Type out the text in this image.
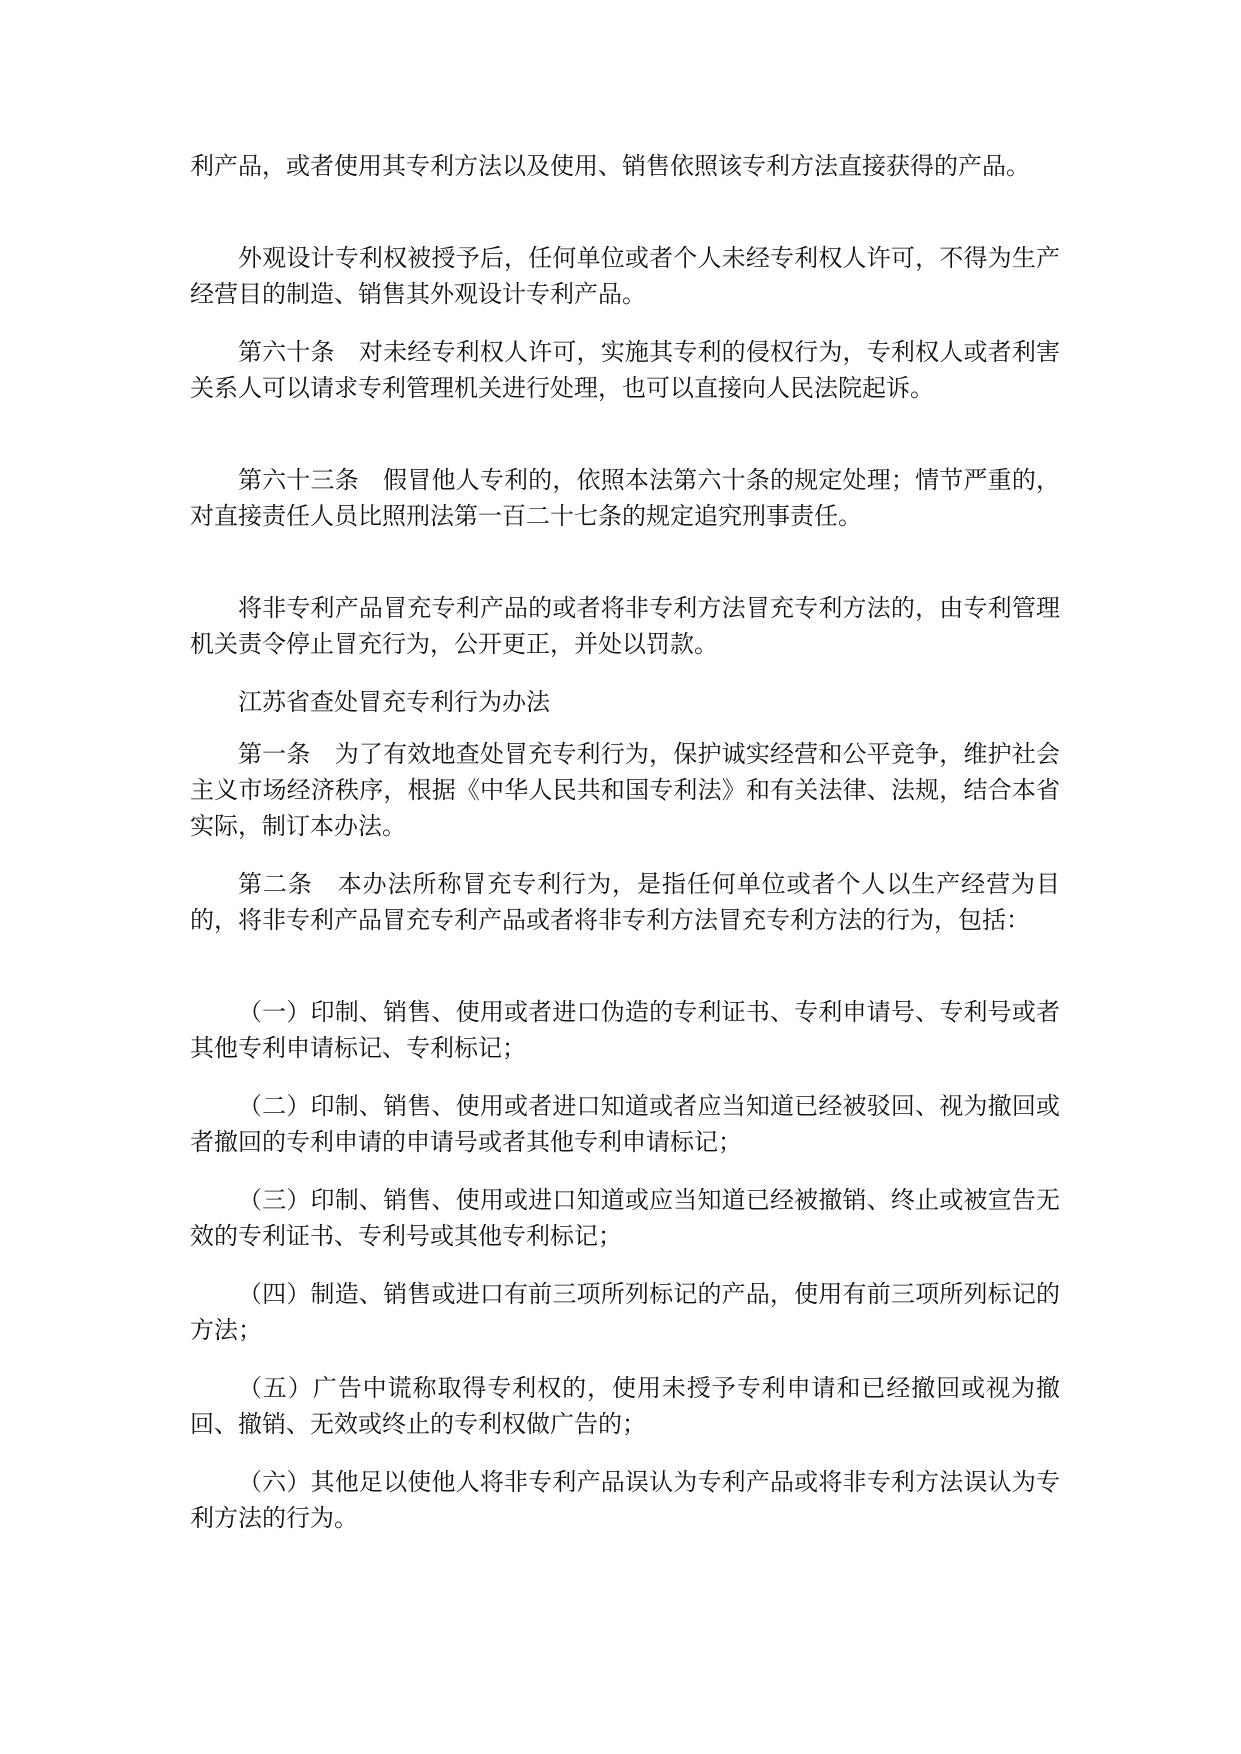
利产品，或者使用其专利方法以及使用、销售依照该专利方法直接获得的产品。

外观设计专利权被授予后，任何单位或者个人未经专利权人许可，不得为生产经营目的制造、销售其外观设计专利产品。

第六十条　对未经专利权人许可，实施其专利的侵权行为，专利权人或者利害关系人可以请求专利管理机关进行处理，也可以直接向人民法院起诉。

第六十三条　假冒他人专利的，依照本法第六十条的规定处理；情节严重的，对直接责任人员比照刑法第一百二十七条的规定追究刑事责任。

将非专利产品冒充专利产品的或者将非专利方法冒充专利方法的，由专利管理机关责令停止冒充行为，公开更正，并处以罚款。

江苏省查处冒充专利行为办法

第一条　为了有效地查处冒充专利行为，保护诚实经营和公平竞争，维护社会主义市场经济秩序，根据《中华人民共和国专利法》和有关法律、法规，结合本省实际，制订本办法。

第二条　本办法所称冒充专利行为，是指任何单位或者个人以生产经营为目的，将非专利产品冒充专利产品或者将非专利方法冒充专利方法的行为，包括：

（一）印制、销售、使用或者进口伪造的专利证书、专利申请号、专利号或者其他专利申请标记、专利标记；

（二）印制、销售、使用或者进口知道或者应当知道已经被驳回、视为撤回或者撤回的专利申请的申请号或者其他专利申请标记；

（三）印制、销售、使用或进口知道或应当知道已经被撤销、终止或被宣告无效的专利证书、专利号或其他专利标记；

（四）制造、销售或进口有前三项所列标记的产品，使用有前三项所列标记的方法；

（五）广告中谎称取得专利权的，使用未授予专利申请和已经撤回或视为撤回、撤销、无效或终止的专利权做广告的；

（六）其他足以使他人将非专利产品误认为专利产品或将非专利方法误认为专利方法的行为。
